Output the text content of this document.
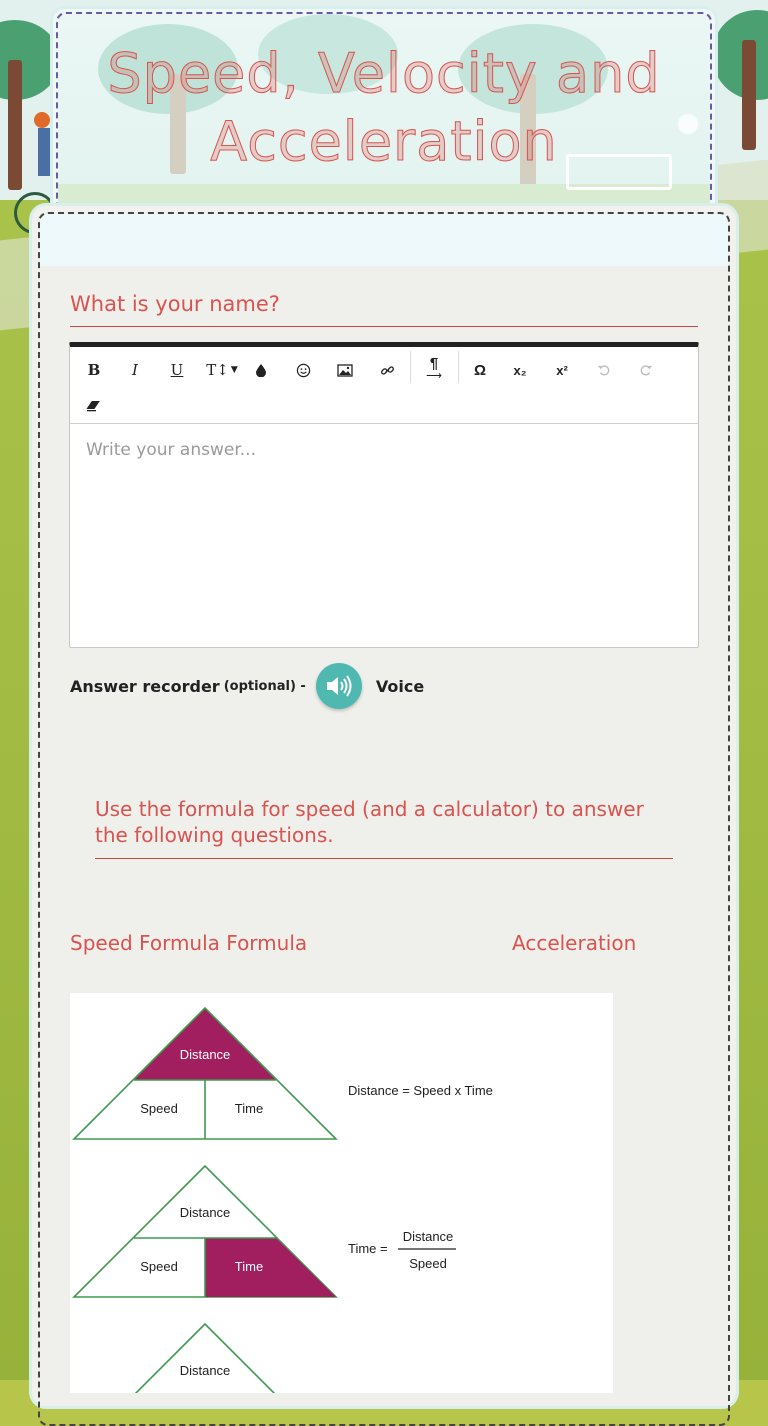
Speed, Velocity and Acceleration
What is your name?
B	I	U	T↕ ▼	¶
⟶	Ω	x₂	x²
Write your answer...
Answer recorder (optional) -	Voice
Use the formula for speed (and a calculator) to answer the following questions.
Speed Formula Formula	Acceleration
Distance
Speed	Time
Distance = Speed x Time
Distance
Speed	Time
Time =
Distance
Speed
Distance
